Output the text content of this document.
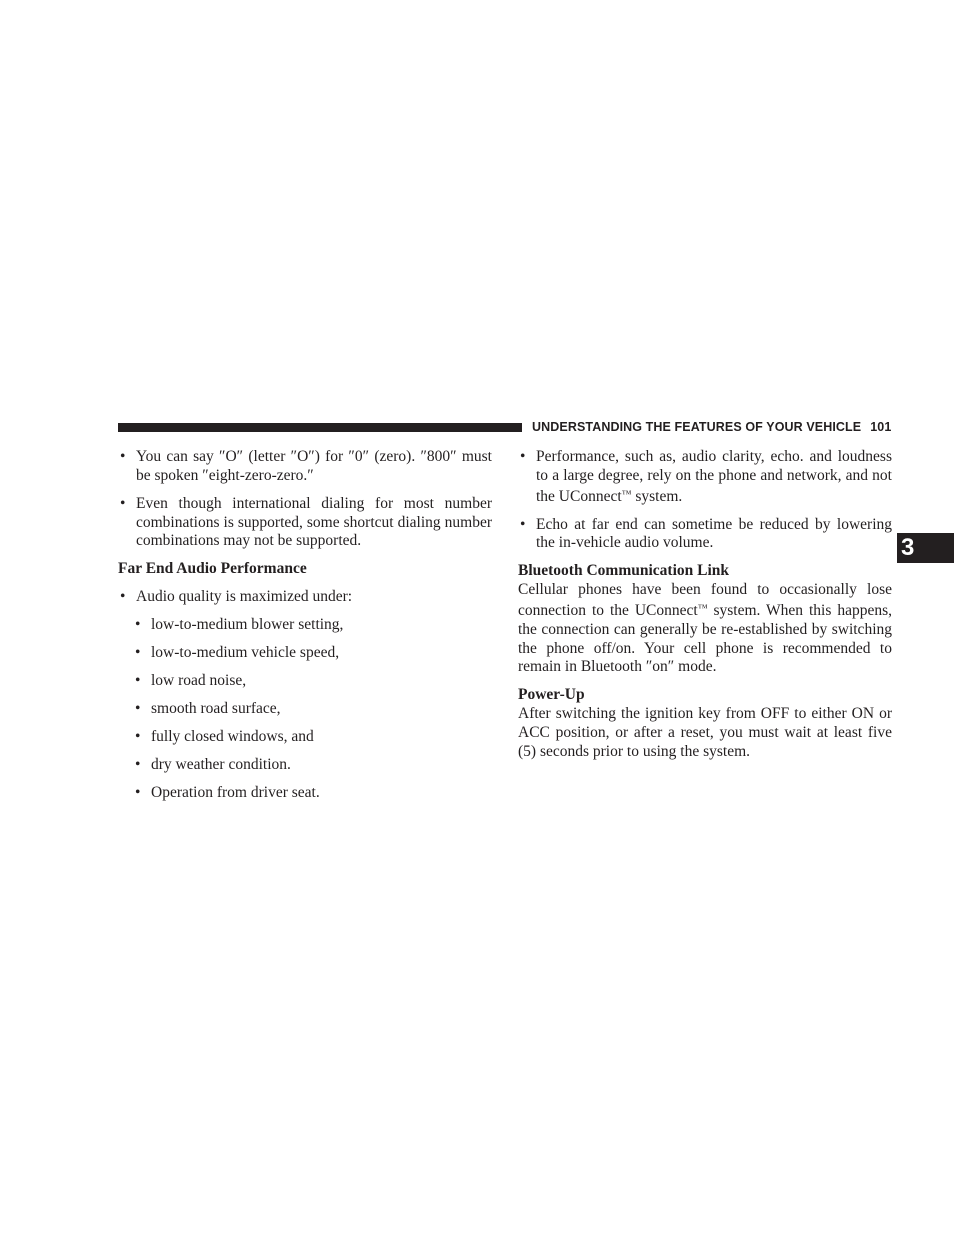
UNDERSTANDING THE FEATURES OF YOUR VEHICLE 101
3
• You can say ″O″ (letter ″O″) for ″0″ (zero). ″800″ must be spoken ″eight-zero-zero.″
• Even though international dialing for most number combinations is supported, some shortcut dialing number combinations may not be supported.

Far End Audio Performance

• Audio quality is maximized under:
• low-to-medium blower setting,
• low-to-medium vehicle speed,
• low road noise,
• smooth road surface,
• fully closed windows, and
• dry weather condition.
• Operation from driver seat.
• Performance, such as, audio clarity, echo. and loudness to a large degree, rely on the phone and network, and not the UConnect™ system.
• Echo at far end can sometime be reduced by lowering the in-vehicle audio volume.

Bluetooth Communication Link

Cellular phones have been found to occasionally lose connection to the UConnect™ system. When this happens, the connection can generally be re-established by switching the phone off/on. Your cell phone is recommended to remain in Bluetooth ″on″ mode.

Power-Up

After switching the ignition key from OFF to either ON or ACC position, or after a reset, you must wait at least five (5) seconds prior to using the system.
